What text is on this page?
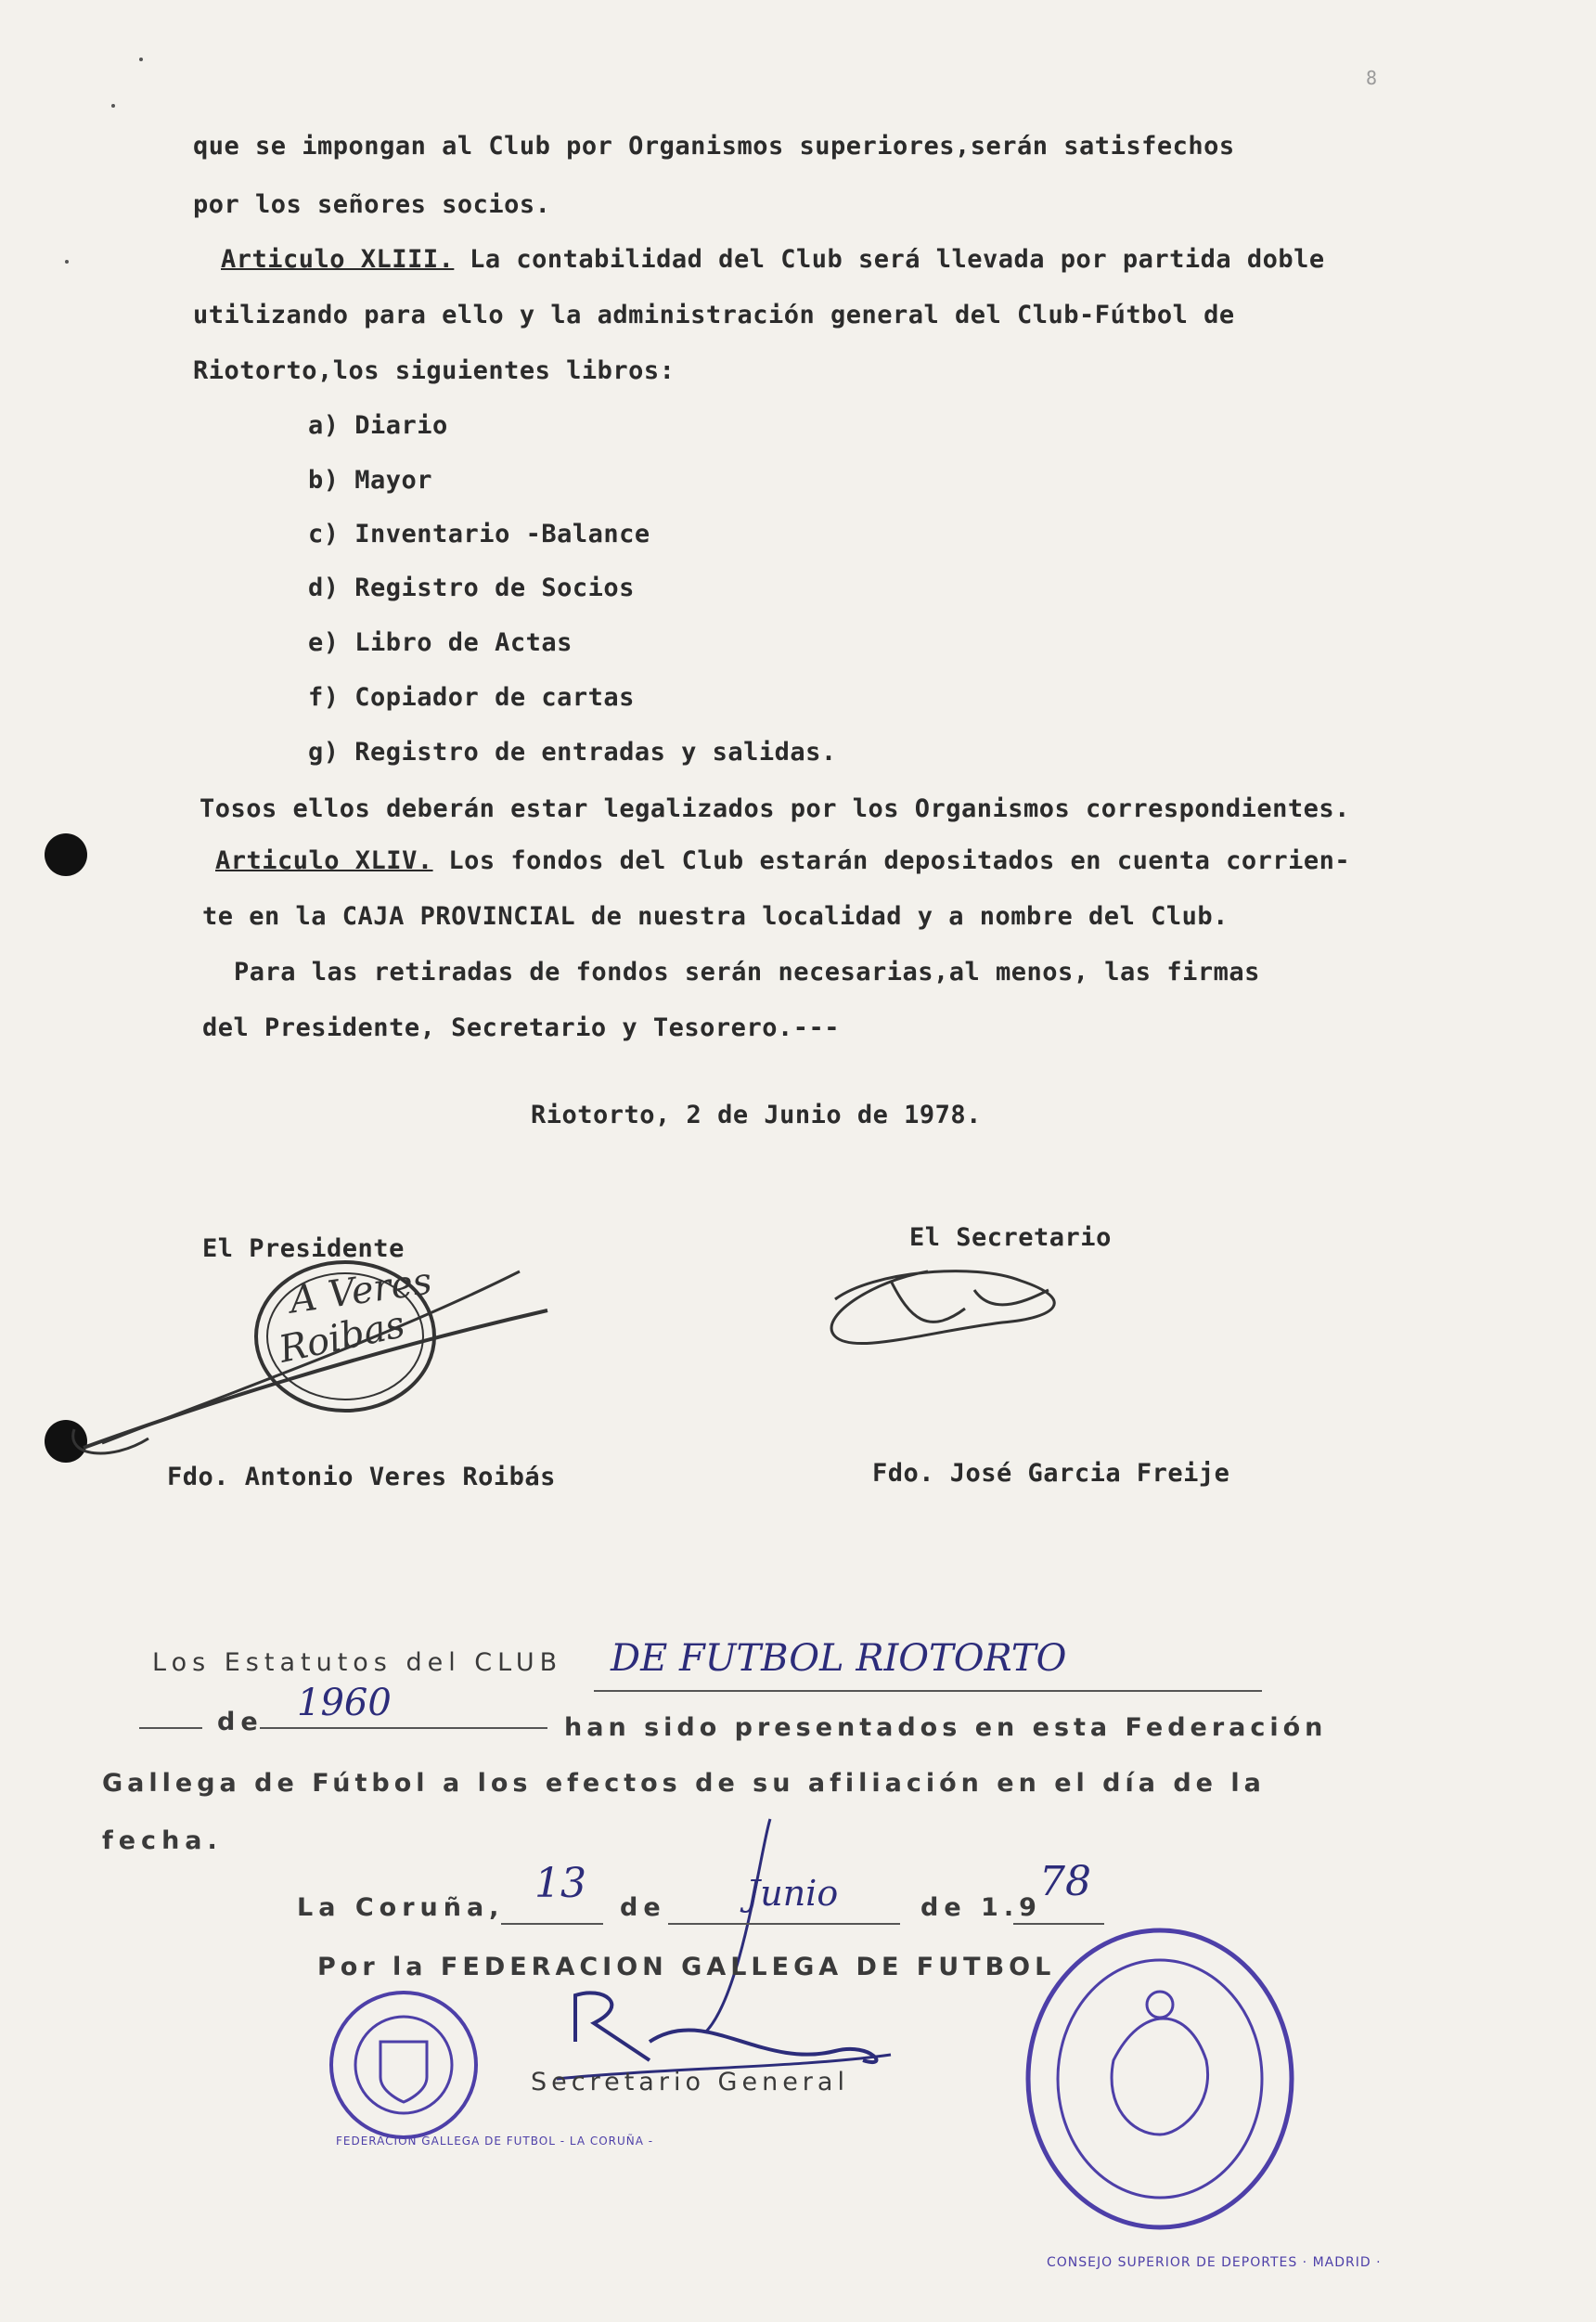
8
que se impongan al Club por Organismos superiores,serán satisfechos
por los señores socios.
Articulo XLIII. La contabilidad del Club será llevada por partida doble
utilizando para ello y la administración general del Club-Fútbol de
Riotorto,los siguientes libros:
a) Diario
b) Mayor
c) Inventario -Balance
d) Registro de Socios
e) Libro de Actas
f) Copiador de cartas
g) Registro de entradas y salidas.
Tosos ellos deberán estar legalizados por los Organismos correspondientes.
Articulo XLIV. Los fondos del Club estarán depositados en cuenta corrien-
te en la CAJA PROVINCIAL de nuestra localidad y a nombre del Club.
Para las retiradas de fondos serán necesarias,al menos, las firmas
del Presidente, Secretario y Tesorero.---
Riotorto, 2 de Junio de 1978.
El Presidente	El Secretario
A Veres
Roibas
Fdo. Antonio Veres Roibás	Fdo. José Garcia Freije
Los Estatutos del CLUB DE FUTBOL RIOTORTO
de 1960
han sido presentados en esta Federación
Gallega de Fútbol a los efectos de su afiliación en el día de la
fecha.
La Coruña,
13
de Junio	de 1.9
78
Por la FEDERACION GALLEGA DE FUTBOL
Secretario General
FEDERACION GALLEGA DE FUTBOL - LA CORUÑA -
CONSEJO SUPERIOR DE DEPORTES · MADRID ·
